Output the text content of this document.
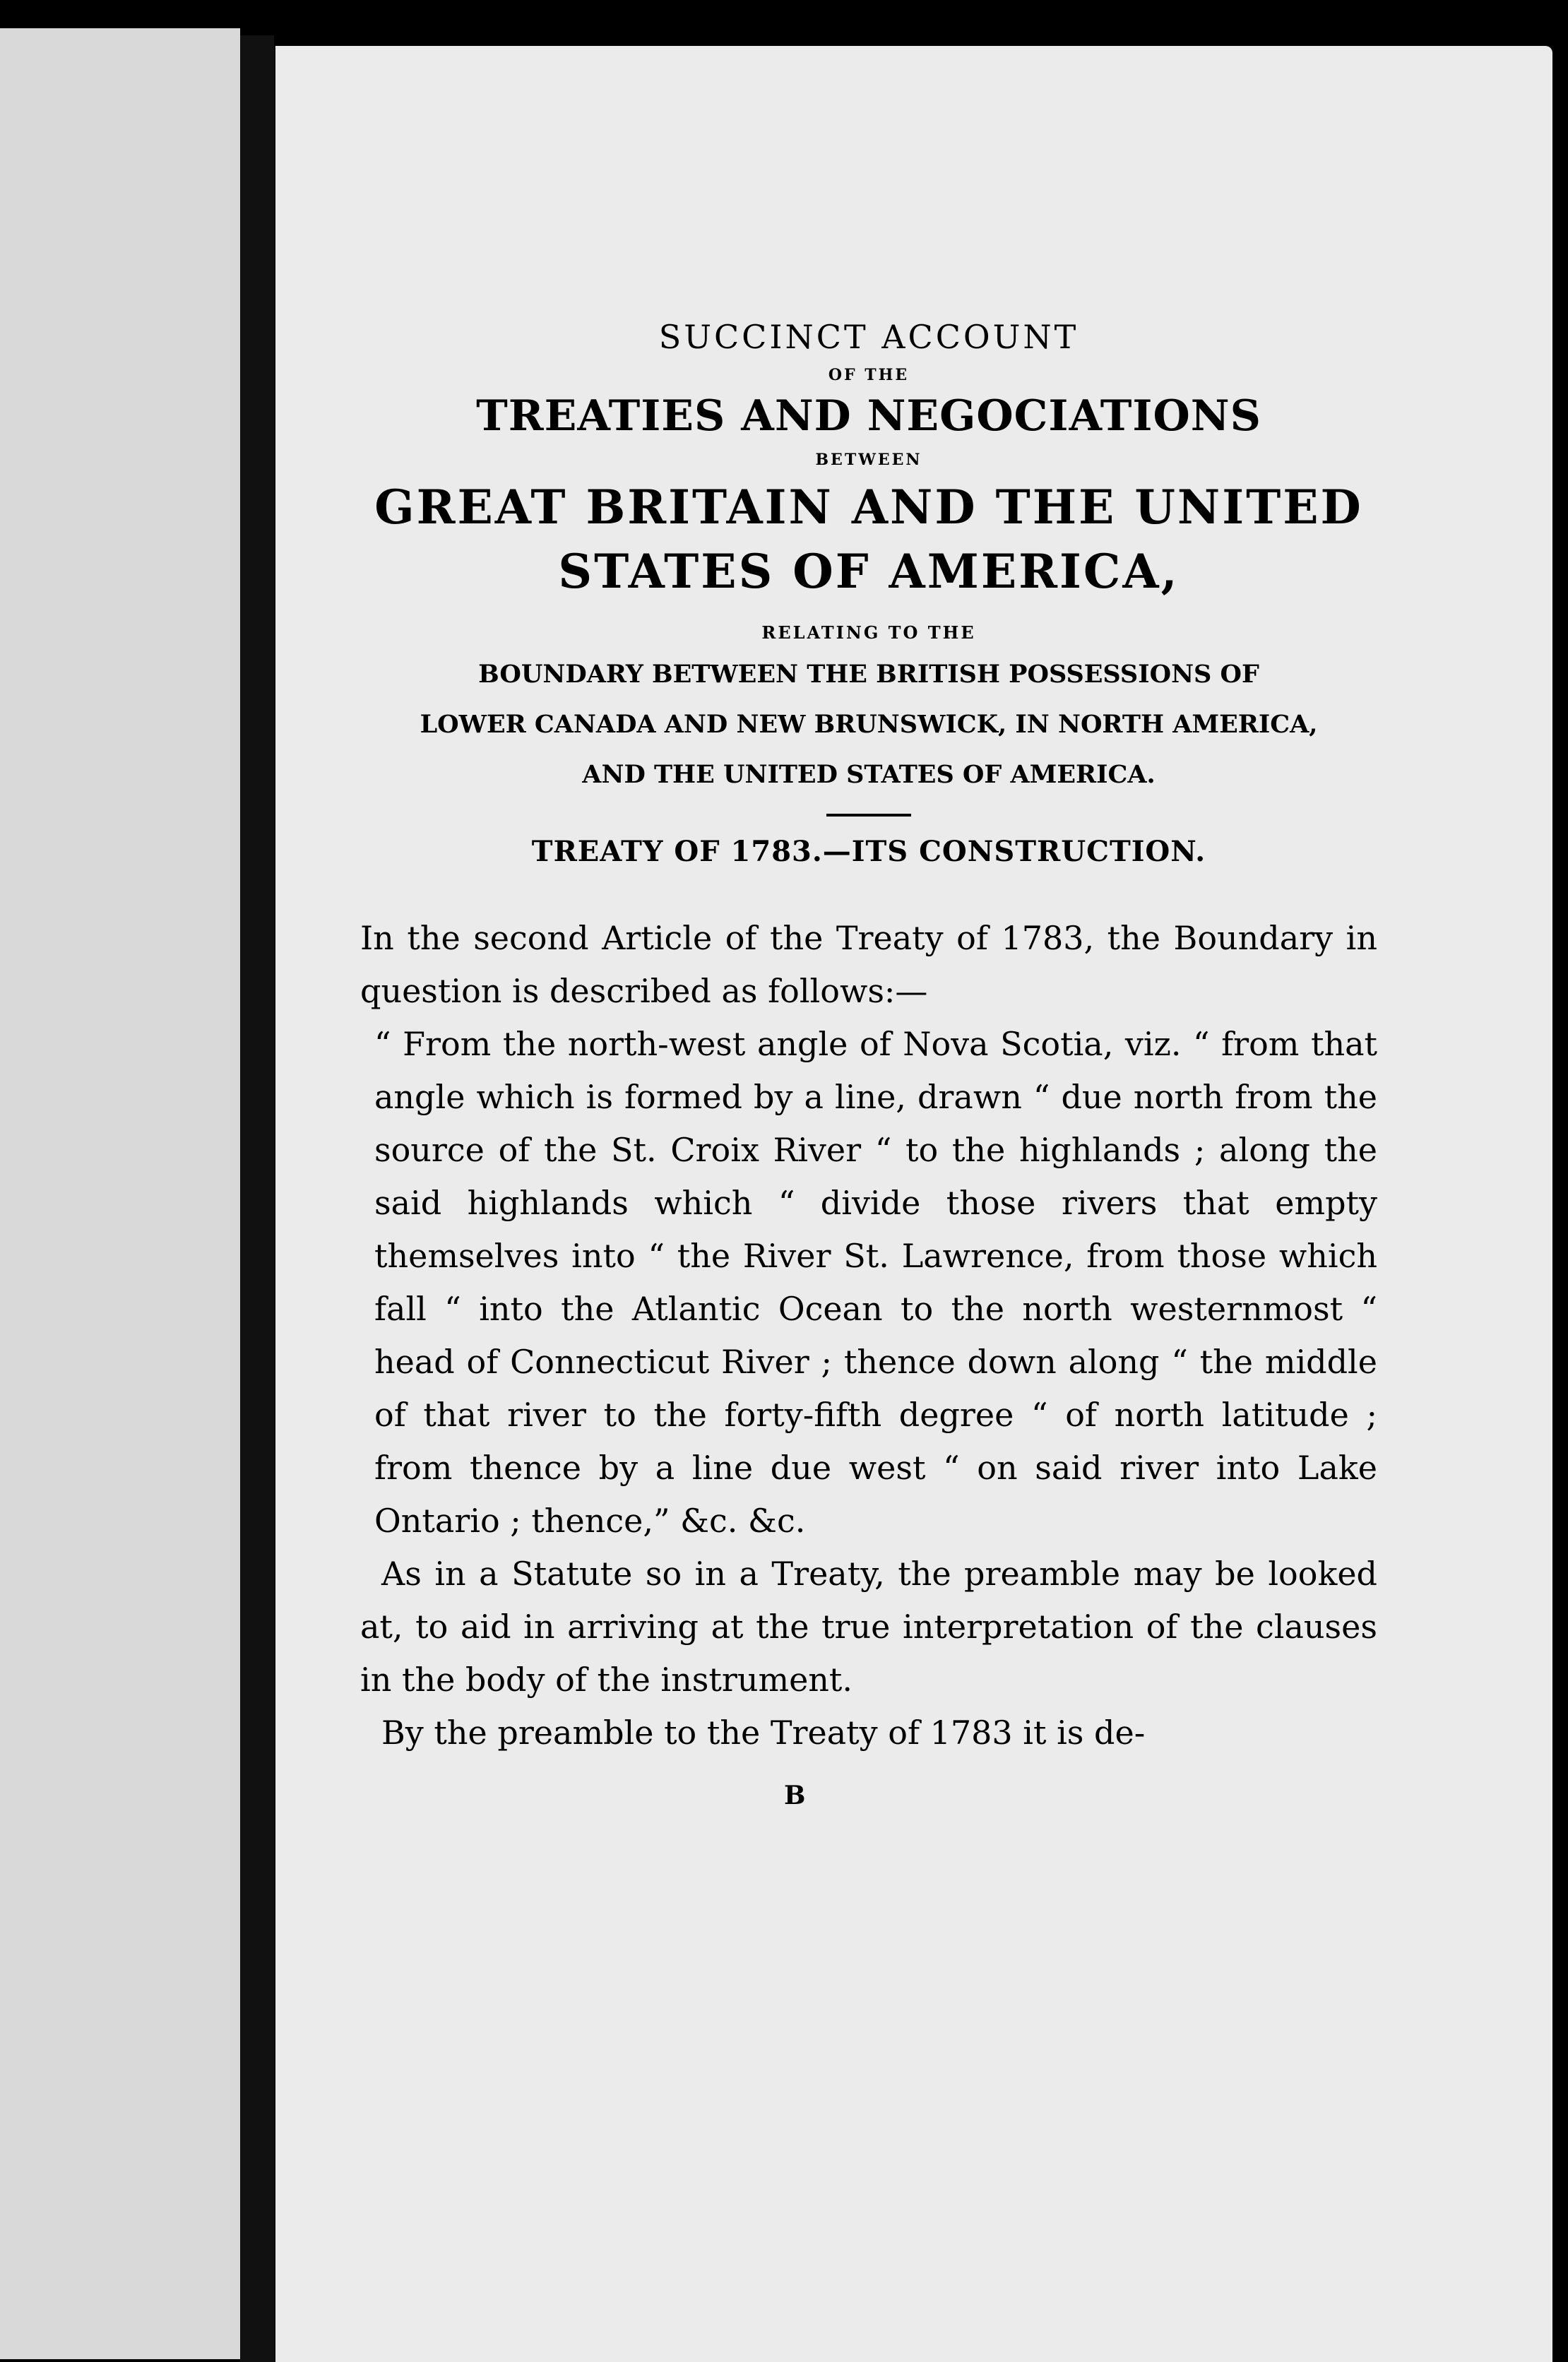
SUCCINCT ACCOUNT
OF THE
TREATIES AND NEGOCIATIONS
BETWEEN
GREAT BRITAIN AND THE UNITED
STATES OF AMERICA,
RELATING TO THE
BOUNDARY BETWEEN THE BRITISH POSSESSIONS OF
LOWER CANADA AND NEW BRUNSWICK, IN NORTH AMERICA,
AND THE UNITED STATES OF AMERICA.
TREATY OF 1783.—ITS CONSTRUCTION.

In the second Article of the Treaty of 1783, the Boundary in question is described as follows:—

“ From the north-west angle of Nova Scotia, viz. “ from that angle which is formed by a line, drawn “ due north from the source of the St. Croix River “ to the highlands ; along the said highlands which “ divide those rivers that empty themselves into “ the River St. Lawrence, from those which fall “ into the Atlantic Ocean to the north westernmost “ head of Connecticut River ; thence down along “ the middle of that river to the forty-fifth degree “ of north latitude ; from thence by a line due west “ on said river into Lake Ontario ; thence,” &c. &c.

As in a Statute so in a Treaty, the preamble may be looked at, to aid in arriving at the true interpretation of the clauses in the body of the instrument.

By the preamble to the Treaty of 1783 it is de-

B
